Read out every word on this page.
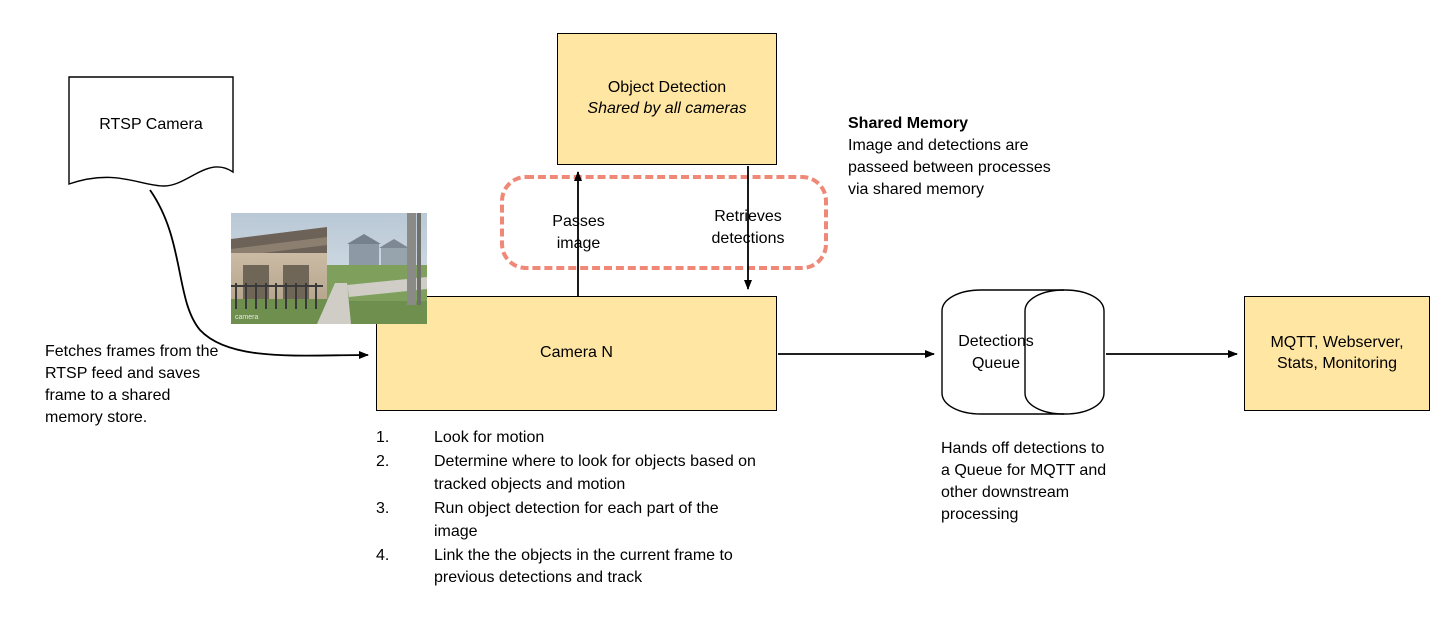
RTSP Camera
Object Detection
Shared by all cameras
Camera N
camera
Detections
Queue
MQTT, Webserver,
Stats, Monitoring
Passes
image
Retrieves
detections
Shared Memory
Image and detections are passeed between processes via shared memory
Fetches frames from the RTSP feed and saves frame to a shared memory store.
Hands off detections to a Queue for MQTT and other downstream processing
1.	Look for motion
2.	Determine where to look for objects based on tracked objects and motion
3.	Run object detection for each part of the image
4.	Link the the objects in the current frame to previous detections and track
